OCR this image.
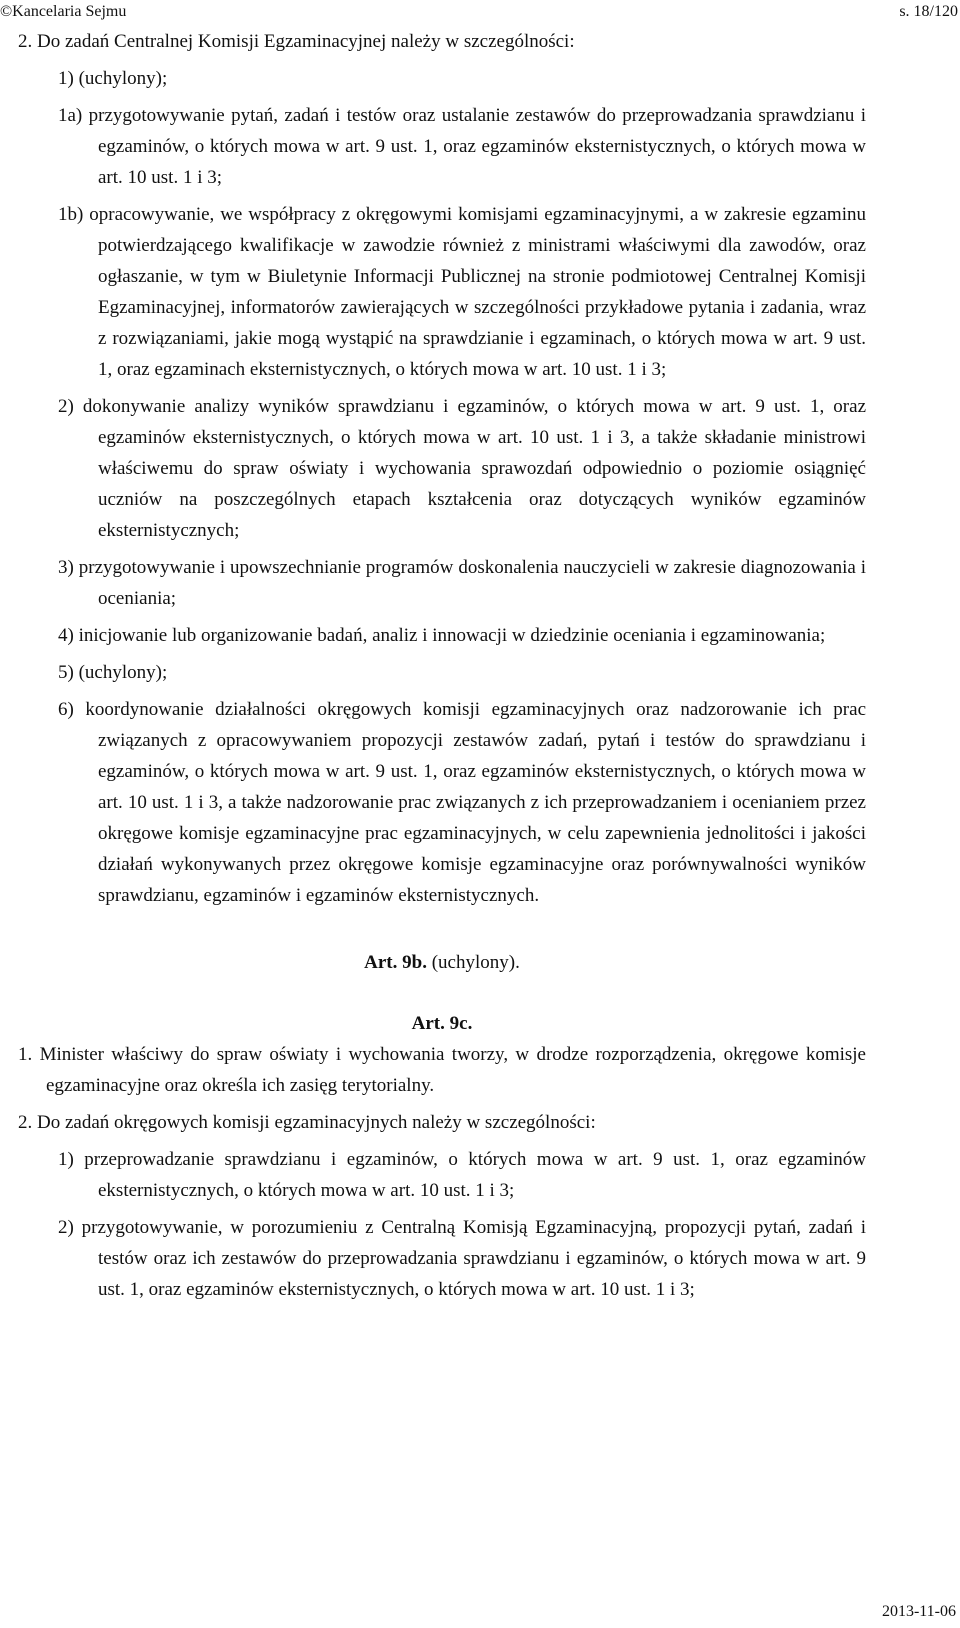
©Kancelaria Sejmu	s. 18/120

2. Do zadań Centralnej Komisji Egzaminacyjnej należy w szczególności:

1) (uchylony);

1a) przygotowywanie pytań, zadań i testów oraz ustalanie zestawów do przeprowadzania sprawdzianu i egzaminów, o których mowa w art. 9 ust. 1, oraz egzaminów eksternistycznych, o których mowa w art. 10 ust. 1 i 3;

1b) opracowywanie, we współpracy z okręgowymi komisjami egzaminacyjnymi, a w zakresie egzaminu potwierdzającego kwalifikacje w zawodzie również z ministrami właściwymi dla zawodów, oraz ogłaszanie, w tym w Biuletynie Informacji Publicznej na stronie podmiotowej Centralnej Komisji Egzaminacyjnej, informatorów zawierających w szczególności przykładowe pytania i zadania, wraz z rozwiązaniami, jakie mogą wystąpić na sprawdzianie i egzaminach, o których mowa w art. 9 ust. 1, oraz egzaminach eksternistycznych, o których mowa w art. 10 ust. 1 i 3;

2) dokonywanie analizy wyników sprawdzianu i egzaminów, o których mowa w art. 9 ust. 1, oraz egzaminów eksternistycznych, o których mowa w art. 10 ust. 1 i 3, a także składanie ministrowi właściwemu do spraw oświaty i wychowania sprawozdań odpowiednio o poziomie osiągnięć uczniów na poszczególnych etapach kształcenia oraz dotyczących wyników egzaminów eksternistycznych;

3) przygotowywanie i upowszechnianie programów doskonalenia nauczycieli w zakresie diagnozowania i oceniania;

4) inicjowanie lub organizowanie badań, analiz i innowacji w dziedzinie oceniania i egzaminowania;

5) (uchylony);

6) koordynowanie działalności okręgowych komisji egzaminacyjnych oraz nadzorowanie ich prac związanych z opracowywaniem propozycji zestawów zadań, pytań i testów do sprawdzianu i egzaminów, o których mowa w art. 9 ust. 1, oraz egzaminów eksternistycznych, o których mowa w art. 10 ust. 1 i 3, a także nadzorowanie prac związanych z ich przeprowadzaniem i ocenianiem przez okręgowe komisje egzaminacyjne prac egzaminacyjnych, w celu zapewnienia jednolitości i jakości działań wykonywanych przez okręgowe komisje egzaminacyjne oraz porównywalności wyników sprawdzianu, egzaminów i egzaminów eksternistycznych.

Art. 9b. (uchylony).

Art. 9c.

1. Minister właściwy do spraw oświaty i wychowania tworzy, w drodze rozporządzenia, okręgowe komisje egzaminacyjne oraz określa ich zasięg terytorialny.

2. Do zadań okręgowych komisji egzaminacyjnych należy w szczególności:

1) przeprowadzanie sprawdzianu i egzaminów, o których mowa w art. 9 ust. 1, oraz egzaminów eksternistycznych, o których mowa w art. 10 ust. 1 i 3;

2) przygotowywanie, w porozumieniu z Centralną Komisją Egzaminacyjną, propozycji pytań, zadań i testów oraz ich zestawów do przeprowadzania sprawdzianu i egzaminów, o których mowa w art. 9 ust. 1, oraz egzaminów eksternistycznych, o których mowa w art. 10 ust. 1 i 3;

2013-11-06
